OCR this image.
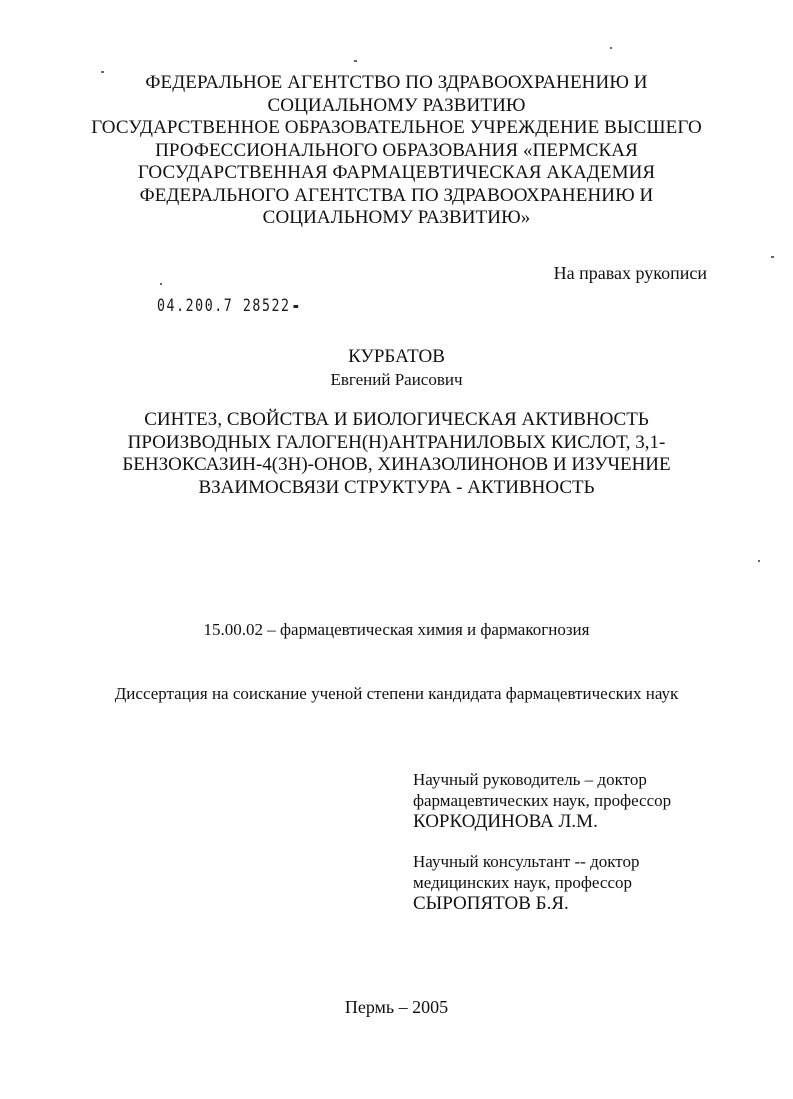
ФЕДЕРАЛЬНОЕ АГЕНТСТВО ПО ЗДРАВООХРАНЕНИЮ И
СОЦИАЛЬНОМУ РАЗВИТИЮ
ГОСУДАРСТВЕННОЕ ОБРАЗОВАТЕЛЬНОЕ УЧРЕЖДЕНИЕ ВЫСШЕГО
ПРОФЕССИОНАЛЬНОГО ОБРАЗОВАНИЯ «ПЕРМСКАЯ
ГОСУДАРСТВЕННАЯ ФАРМАЦЕВТИЧЕСКАЯ АКАДЕМИЯ
ФЕДЕРАЛЬНОГО АГЕНТСТВА ПО ЗДРАВООХРАНЕНИЮ И
СОЦИАЛЬНОМУ РАЗВИТИЮ»
На правах рукописи
04.200.7 28522
КУРБАТОВ
Евгений Раисович
СИНТЕЗ, СВОЙСТВА И БИОЛОГИЧЕСКАЯ АКТИВНОСТЬ
ПРОИЗВОДНЫХ ГАЛОГЕН(Н)АНТРАНИЛОВЫХ КИСЛОТ, 3,1-
БЕНЗОКСАЗИН-4(3Н)-ОНОВ, ХИНАЗОЛИНОНОВ И ИЗУЧЕНИЕ
ВЗАИМОСВЯЗИ СТРУКТУРА - АКТИВНОСТЬ
15.00.02 – фармацевтическая химия и фармакогнозия
Диссертация на соискание ученой степени кандидата фармацевтических наук
Научный руководитель – доктор
фармацевтических наук, профессор
КОРКОДИНОВА Л.М.
Научный консультант -- доктор
медицинских наук, профессор
СЫРОПЯТОВ Б.Я.
Пермь – 2005
